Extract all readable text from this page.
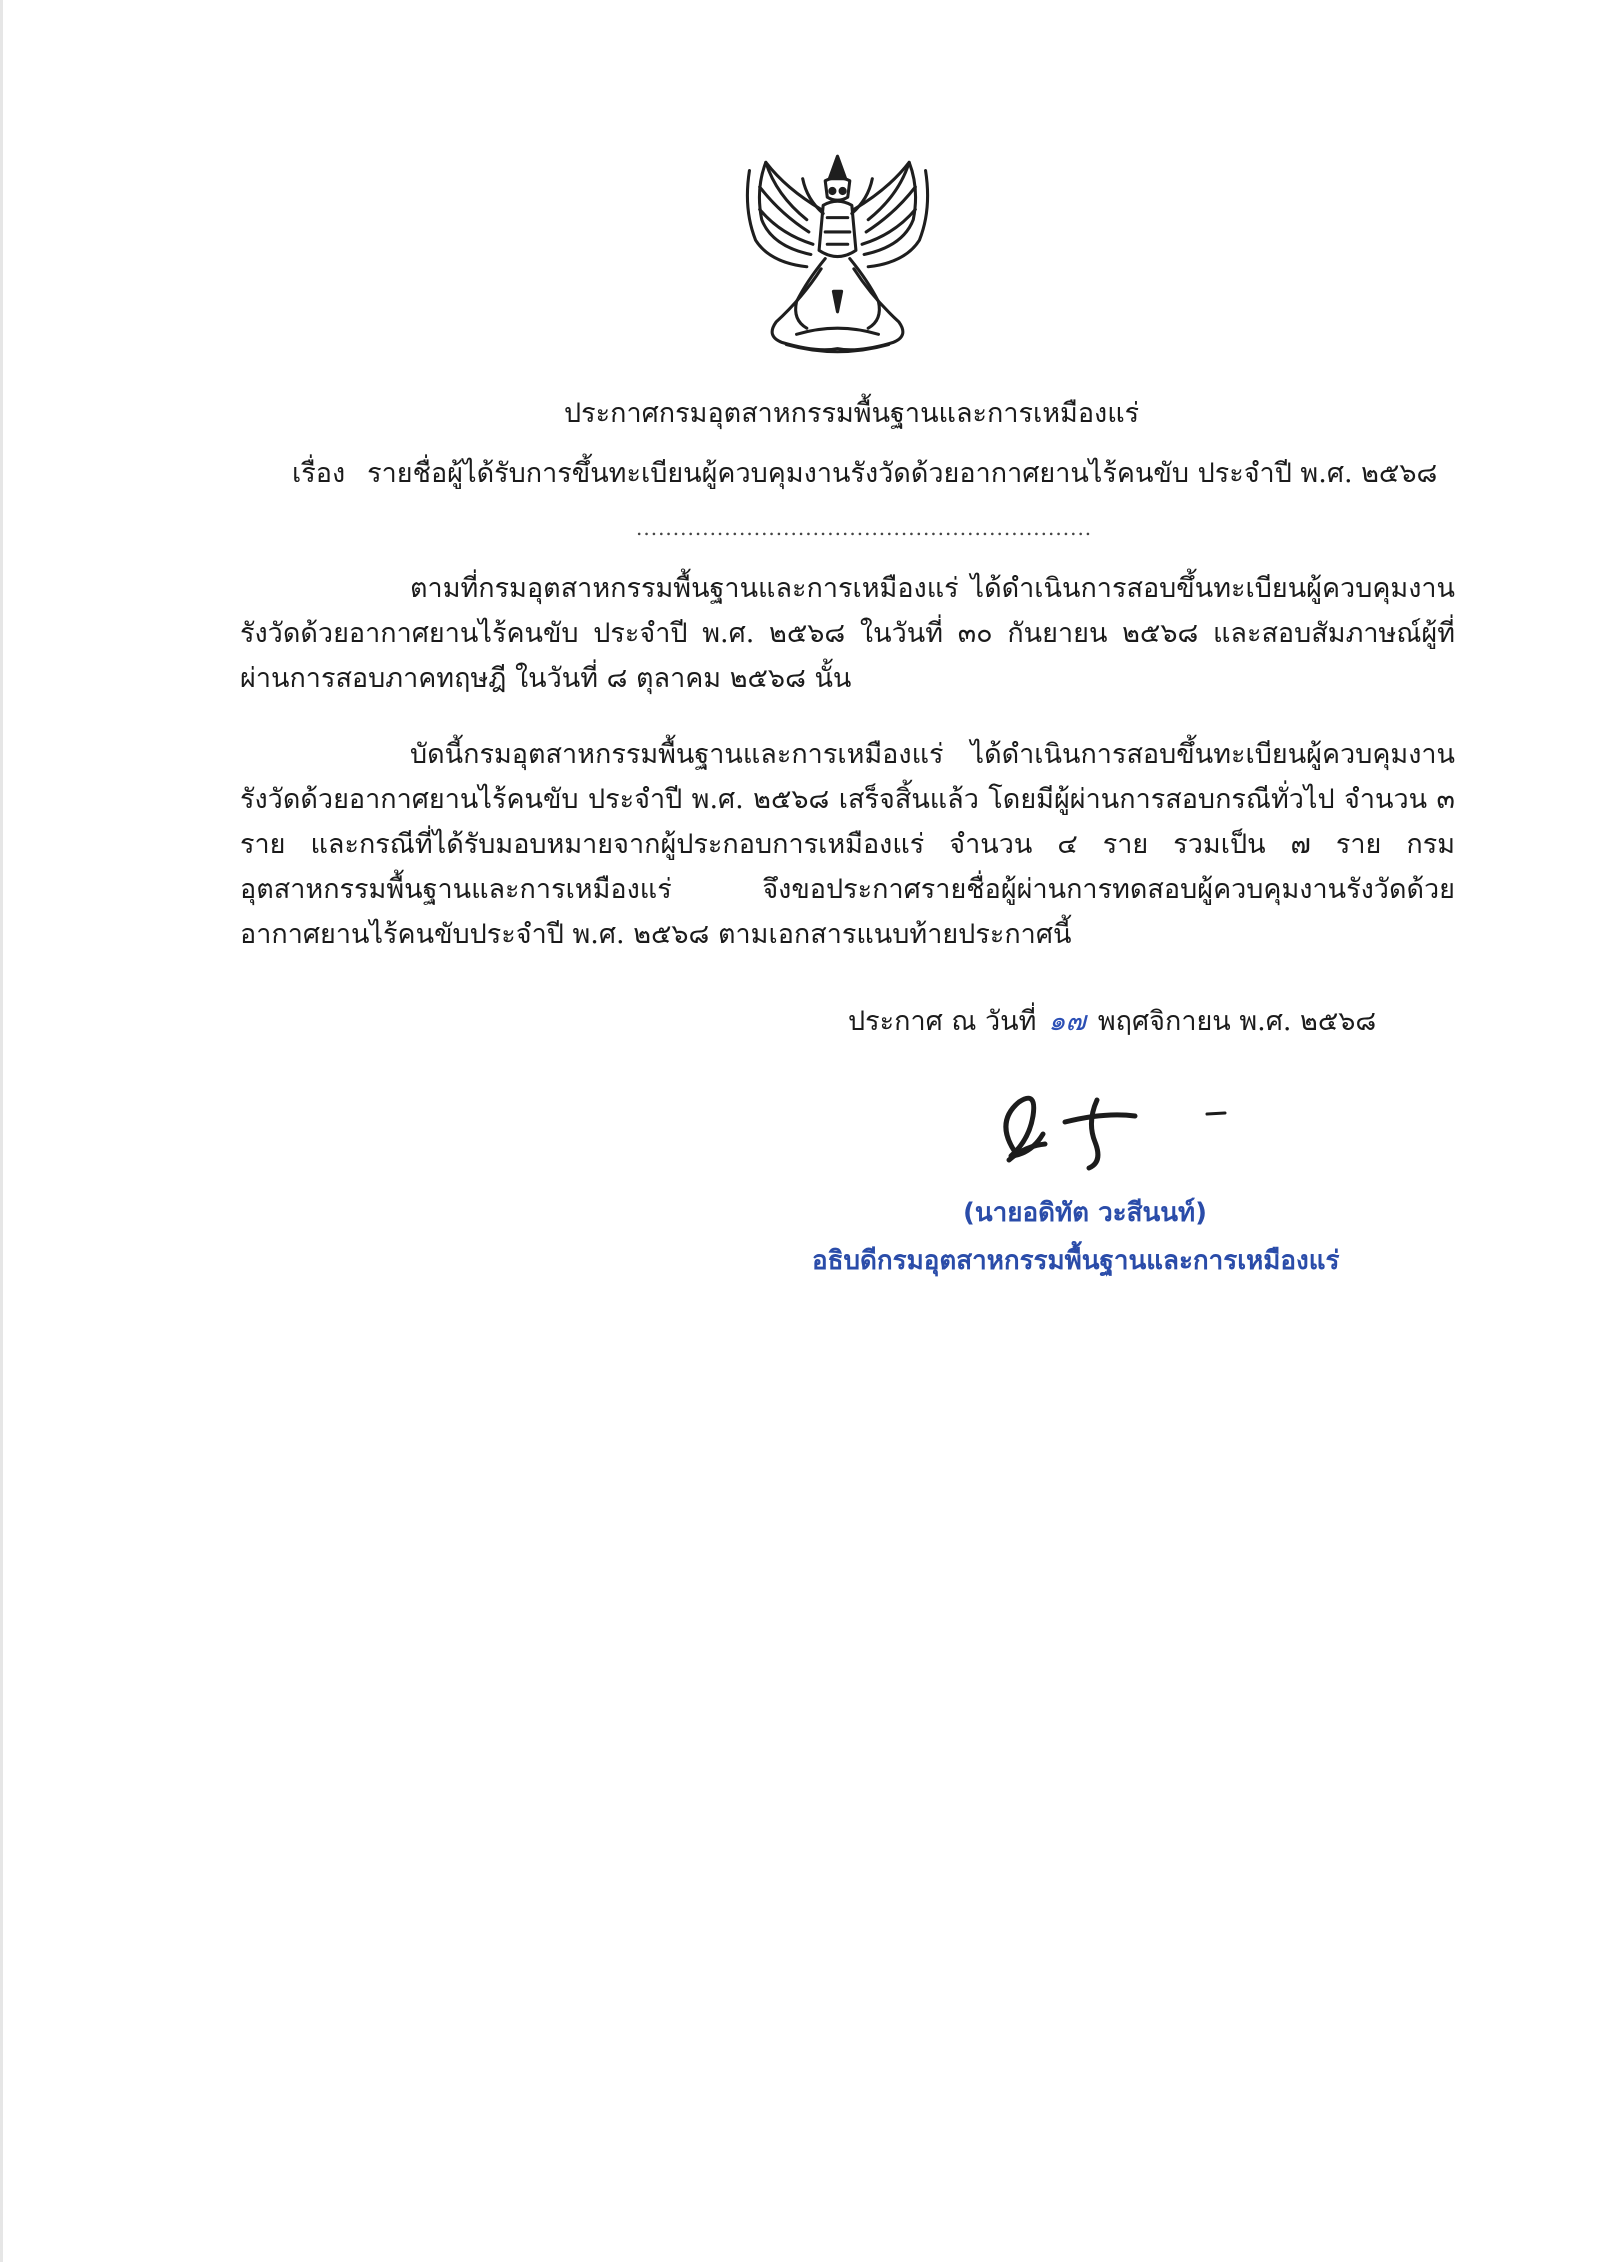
ประกาศกรมอุตสาหกรรมพื้นฐานและการเหมืองแร่
เรื่อง รายชื่อผู้ได้รับการขึ้นทะเบียนผู้ควบคุมงานรังวัดด้วยอากาศยานไร้คนขับ ประจำปี พ.ศ. ๒๕๖๘
..............................................................
ตามที่กรมอุตสาหกรรมพื้นฐานและการเหมืองแร่ ได้ดำเนินการสอบขึ้นทะเบียนผู้ควบคุมงานรังวัดด้วยอากาศยานไร้คนขับ ประจำปี พ.ศ. ๒๕๖๘ ในวันที่ ๓๐ กันยายน ๒๕๖๘ และสอบสัมภาษณ์ผู้ที่ผ่านการสอบภาคทฤษฎี ในวันที่ ๘ ตุลาคม ๒๕๖๘ นั้น
บัดนี้กรมอุตสาหกรรมพื้นฐานและการเหมืองแร่ ได้ดำเนินการสอบขึ้นทะเบียนผู้ควบคุมงานรังวัดด้วยอากาศยานไร้คนขับ ประจำปี พ.ศ. ๒๕๖๘ เสร็จสิ้นแล้ว โดยมีผู้ผ่านการสอบกรณีทั่วไป จำนวน ๓ ราย และกรณีที่ได้รับมอบหมายจากผู้ประกอบการเหมืองแร่ จำนวน ๔ ราย รวมเป็น ๗ ราย กรมอุตสาหกรรมพื้นฐานและการเหมืองแร่ จึงขอประกาศรายชื่อผู้ผ่านการทดสอบผู้ควบคุมงานรังวัดด้วยอากาศยานไร้คนขับประจำปี พ.ศ. ๒๕๖๘ ตามเอกสารแนบท้ายประกาศนี้
ประกาศ ณ วันที่ ๑๗ พฤศจิกายน พ.ศ. ๒๕๖๘
(นายอดิทัต วะสีนนท์)
อธิบดีกรมอุตสาหกรรมพื้นฐานและการเหมืองแร่
